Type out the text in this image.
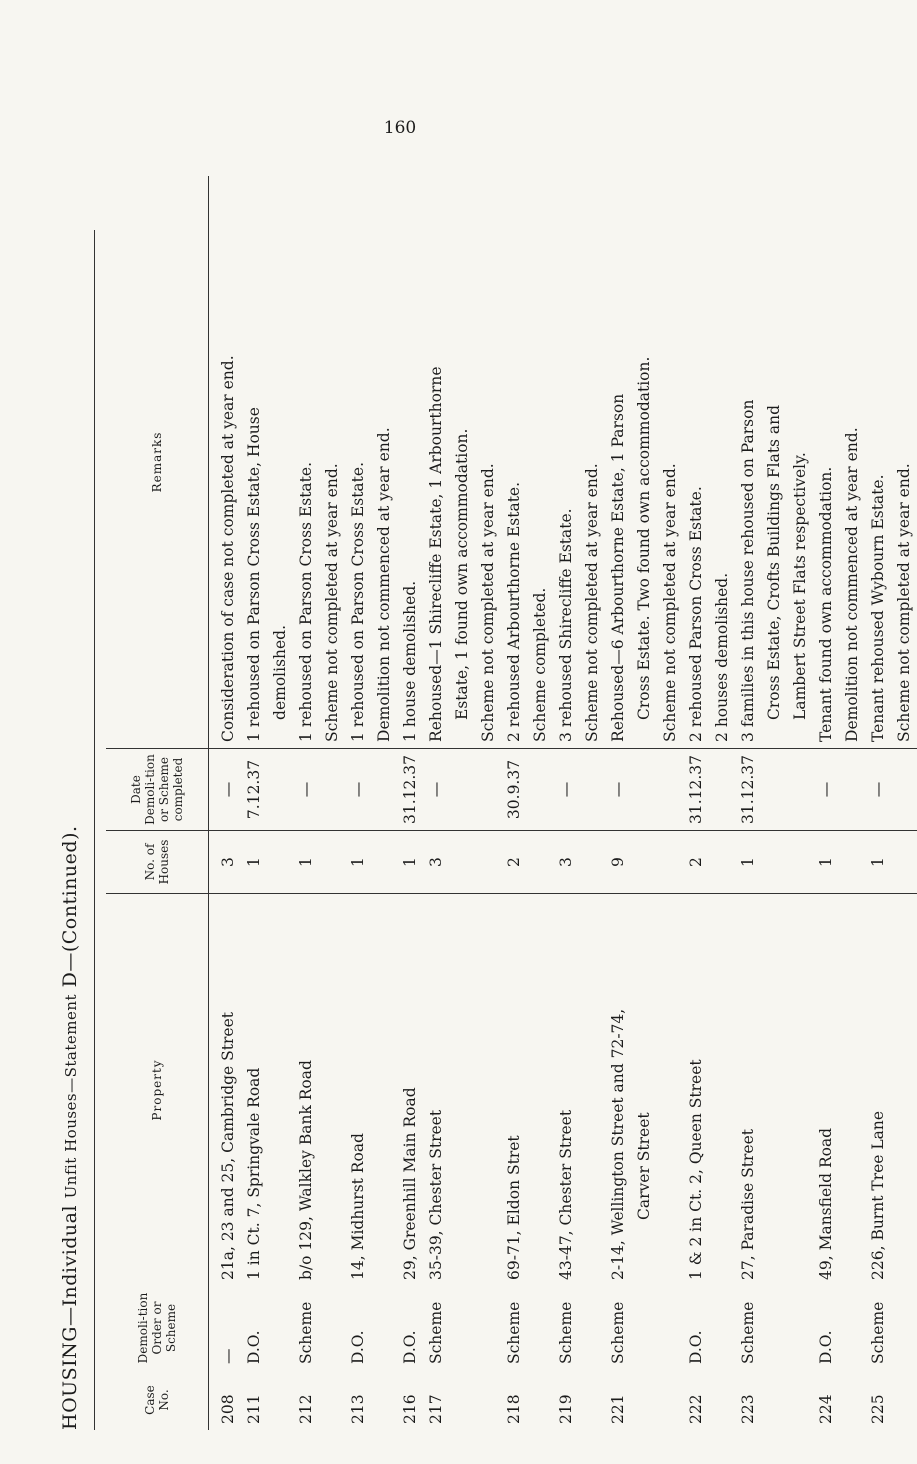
160
HOUSING—Individual Unfit Houses—Statement D—(Continued).
Case No.	Demoli-tion Order or Scheme	Property	No. of Houses	Date Demoli-tion or Scheme completed	Remarks
208	—	21a, 23 and 25, Cambridge Street	3	—	Consideration of case not completed at year end.

211	D.O.	1 in Ct. 7, Springvale Road	1	7.12.37	1 rehoused on Parson Cross Estate, House demolished.

212	Scheme	b/o 129, Walkley Bank Road	1	—	1 rehoused on Parson Cross Estate. Scheme not completed at year end.

213	D.O.	14, Midhurst Road	1	—	1 rehoused on Parson Cross Estate. Demolition not commenced at year end.

216	D.O.	29, Greenhill Main Road	1	31.12.37	1 house demolished.

217	Scheme	35-39, Chester Street	3	—	Rehoused—1 Shirecliffe Estate, 1 Arbourthorne Estate, 1 found own accommodation. Scheme not completed at year end.

218	Scheme	69-71, Eldon Stret	2	30.9.37	2 rehoused Arbourthorne Estate. Scheme completed.

219	Scheme	43-47, Chester Street	3	—	3 rehoused Shirecliffe Estate. Scheme not completed at year end.

221	Scheme	2-14, Wellington Street and 72-74, Carver Street	9	—	Rehoused—6 Arbourthorne Estate, 1 Parson Cross Estate. Two found own accommodation. Scheme not completed at year end.

222	D.O.	1 & 2 in Ct. 2, Queen Street	2	31.12.37	2 rehoused Parson Cross Estate. 2 houses demolished.

223	Scheme	27, Paradise Street	1	31.12.37	3 families in this house rehoused on Parson Cross Estate, Crofts Buildings Flats and Lambert Street Flats respectively.

224	D.O.	49, Mansfield Road	1	—	Tenant found own accommodation. Demolition not commenced at year end.

225	Scheme	226, Burnt Tree Lane	1	—	Tenant rehoused Wybourn Estate. Scheme not completed at year end.
